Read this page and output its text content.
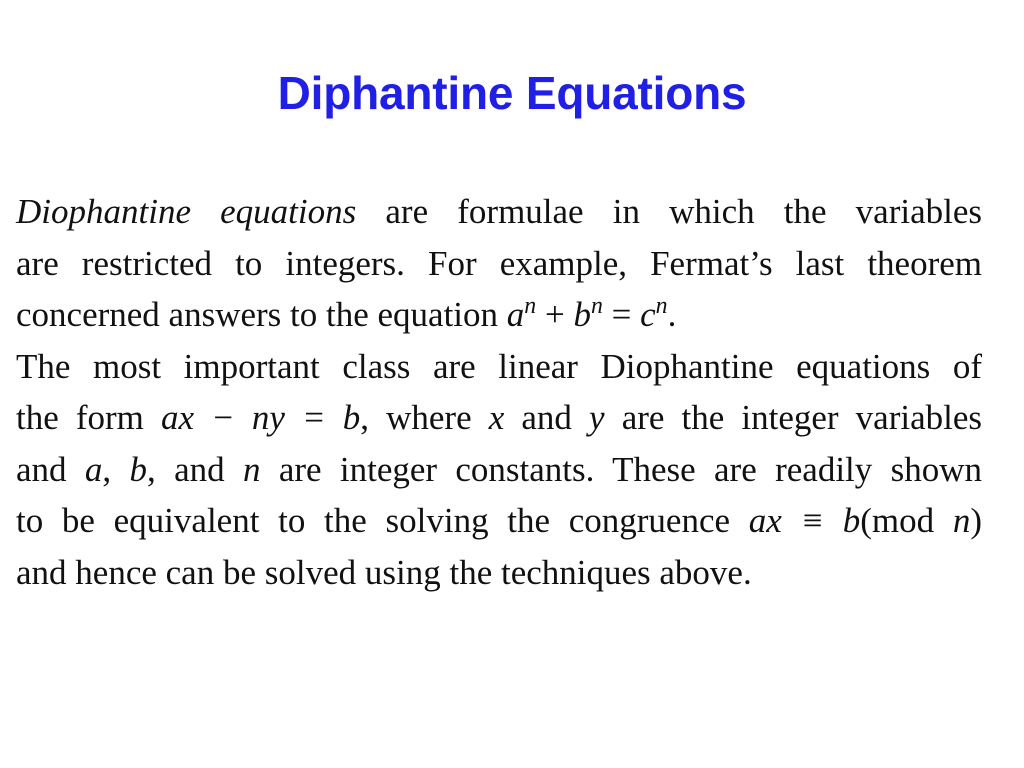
Diphantine Equations
Diophantine equations are formulae in which the variables
are restricted to integers. For example, Fermat’s last theorem
concerned answers to the equation $a^n + b^n = c^n$.
The most important class are linear Diophantine equations of
the form ax − ny = b, where x and y are the integer variables
and a, b, and n are integer constants. These are readily shown
to be equivalent to the solving the congruence ax ≡ b(mod n)
and hence can be solved using the techniques above.
